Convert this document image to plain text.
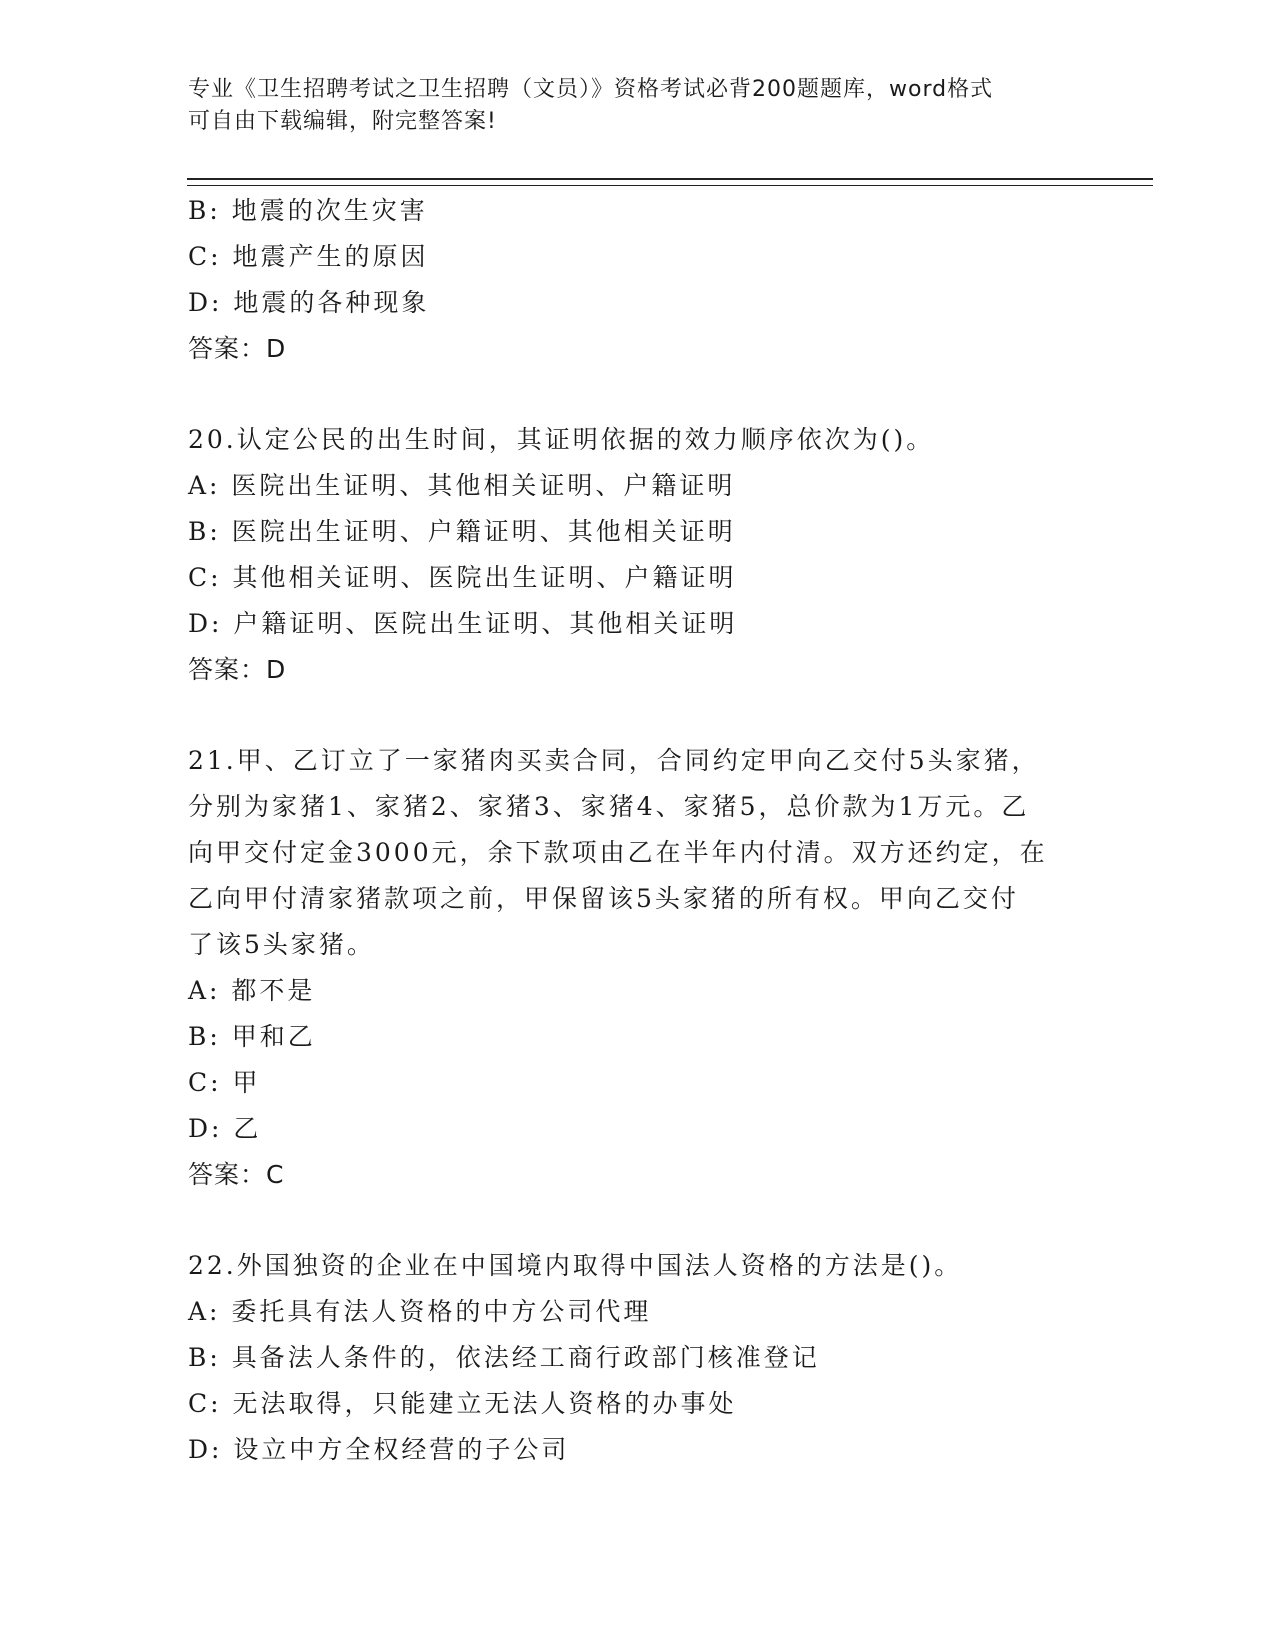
专业《卫生招聘考试之卫生招聘（文员）》资格考试必背200题题库，word格式
可自由下载编辑，附完整答案!
B: 地震的次生灾害
C: 地震产生的原因
D: 地震的各种现象
答案：D
20.认定公民的出生时间，其证明依据的效力顺序依次为()。
A: 医院出生证明、其他相关证明、户籍证明
B: 医院出生证明、户籍证明、其他相关证明
C: 其他相关证明、医院出生证明、户籍证明
D: 户籍证明、医院出生证明、其他相关证明
答案：D
21.甲、乙订立了一家猪肉买卖合同，合同约定甲向乙交付5头家猪，
分别为家猪1、家猪2、家猪3、家猪4、家猪5，总价款为1万元。乙
向甲交付定金3000元，余下款项由乙在半年内付清。双方还约定，在
乙向甲付清家猪款项之前，甲保留该5头家猪的所有权。甲向乙交付
了该5头家猪。
A: 都不是
B: 甲和乙
C: 甲
D: 乙
答案：C
22.外国独资的企业在中国境内取得中国法人资格的方法是()。
A: 委托具有法人资格的中方公司代理
B: 具备法人条件的，依法经工商行政部门核准登记
C: 无法取得，只能建立无法人资格的办事处
D: 设立中方全权经营的子公司
